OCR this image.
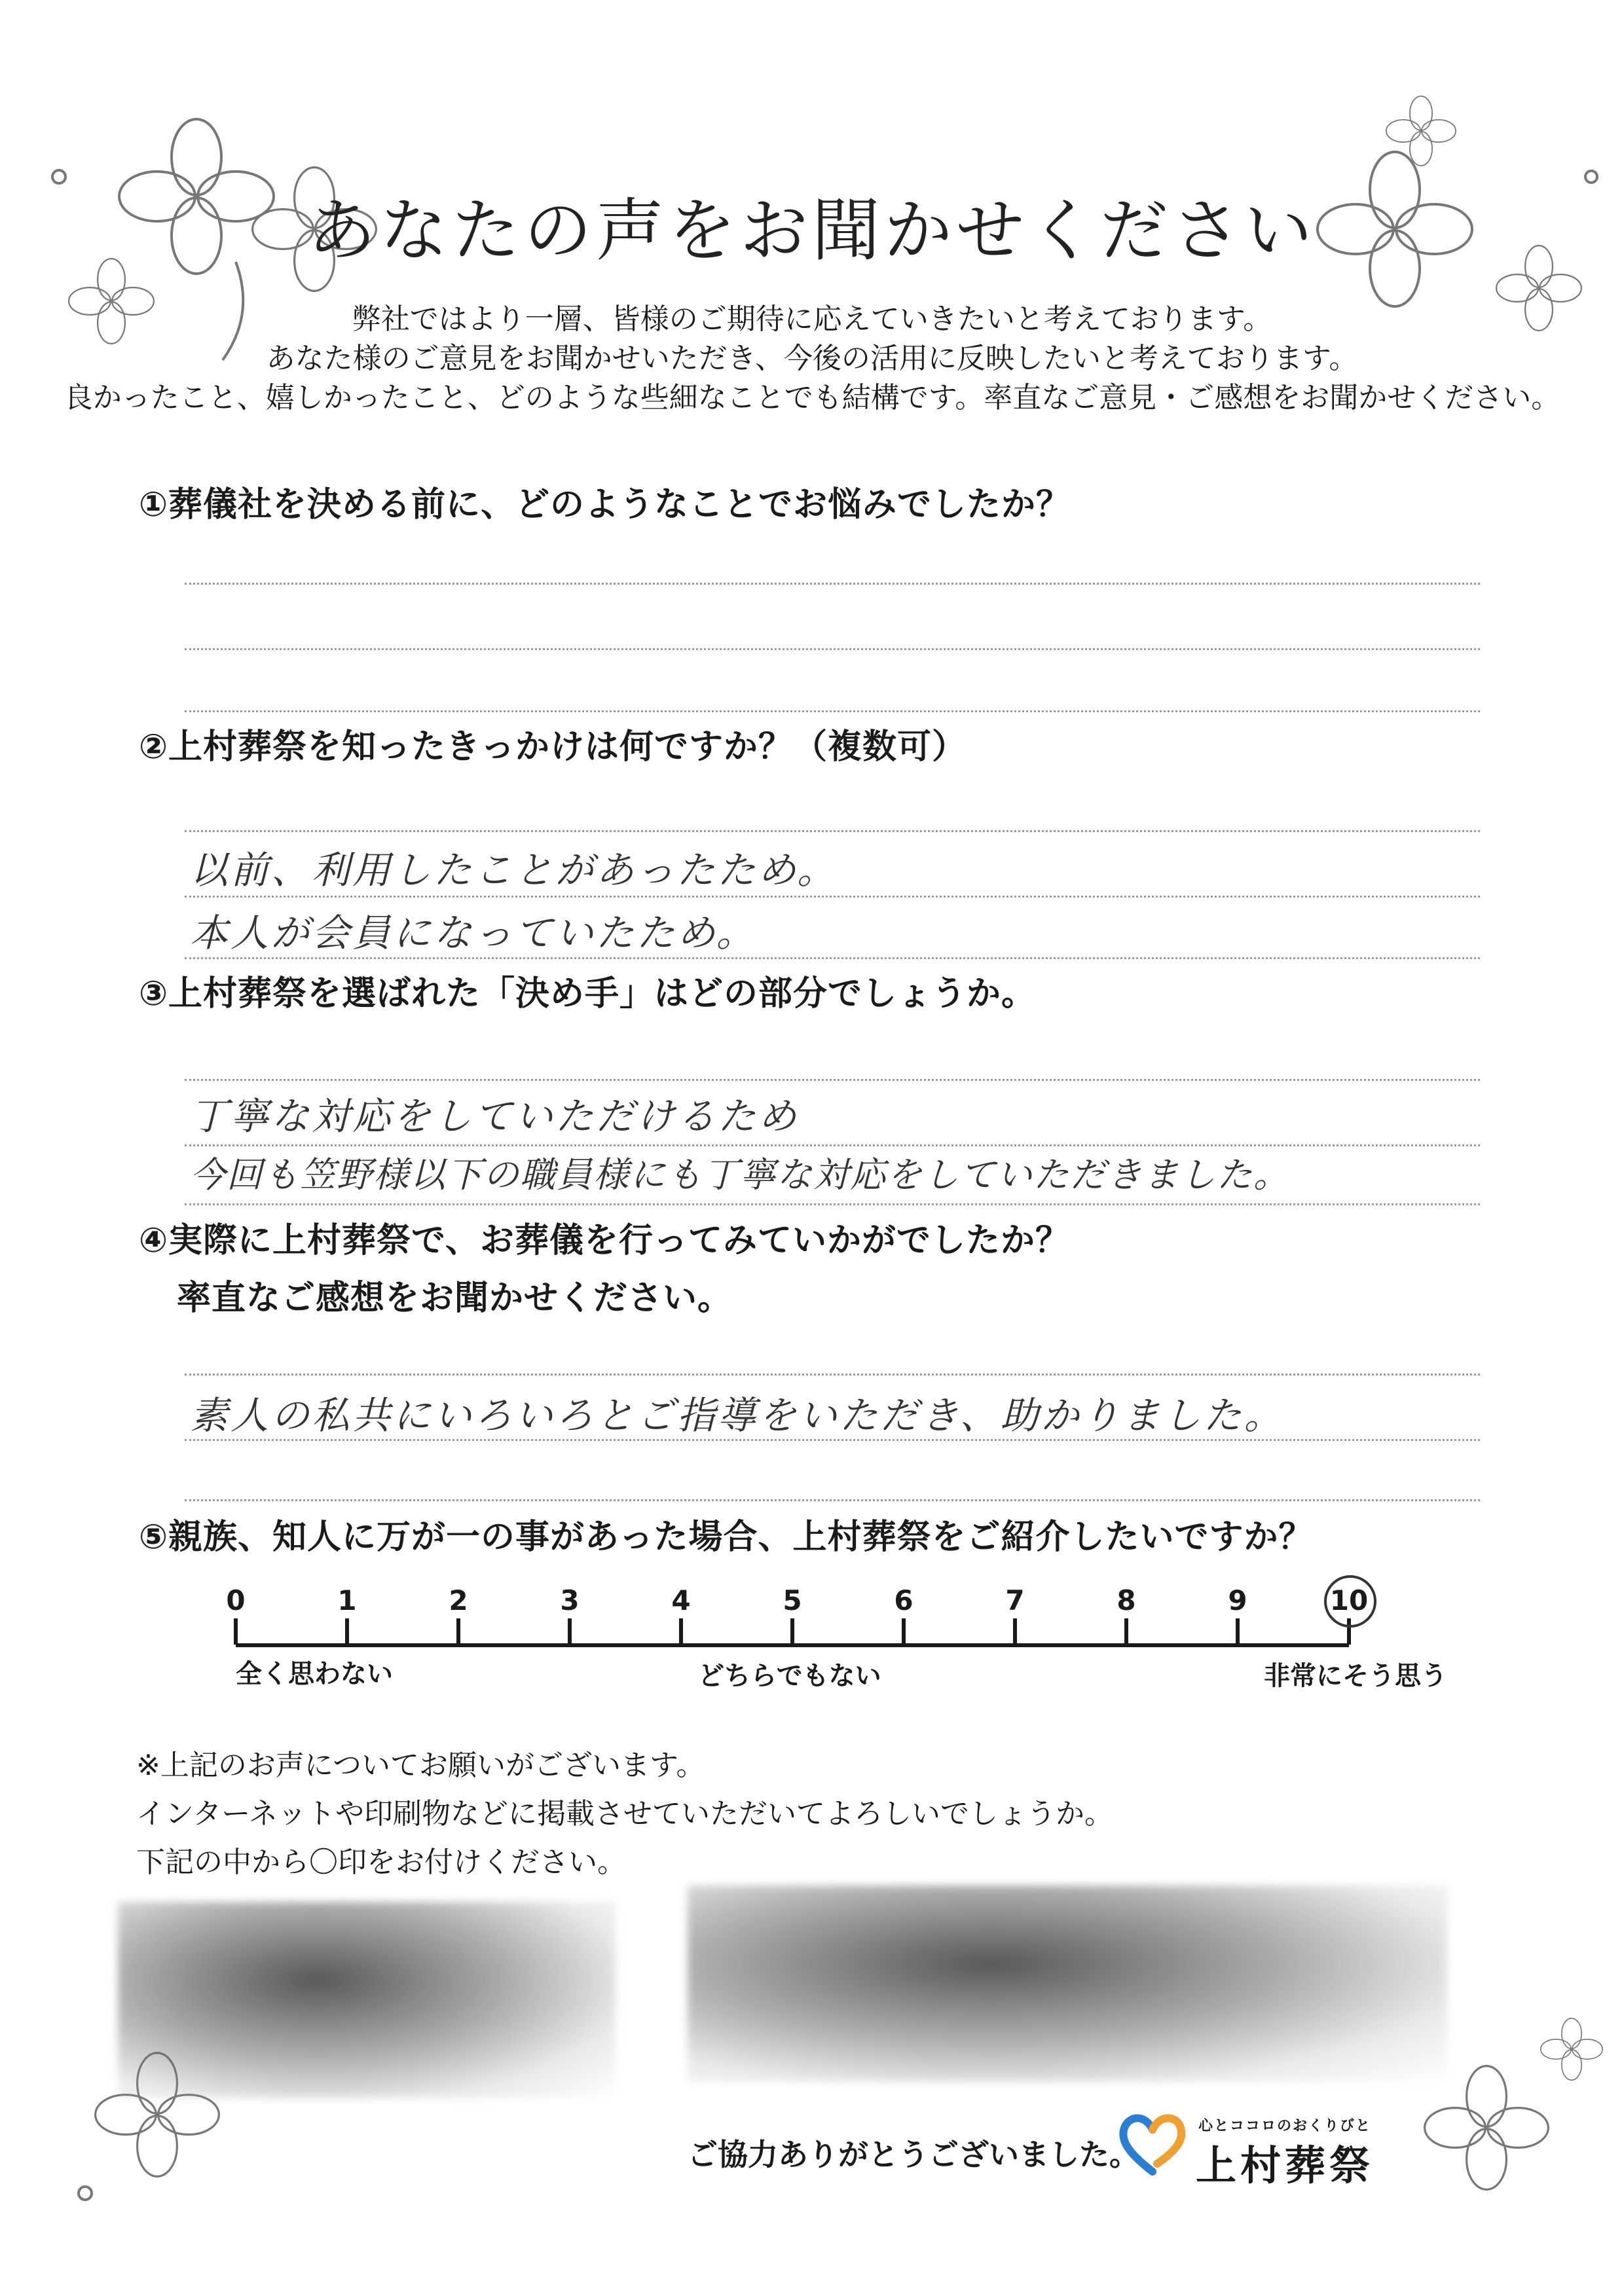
あなたの声をお聞かせください
弊社ではより一層、皆様のご期待に応えていきたいと考えております。
あなた様のご意見をお聞かせいただき、今後の活用に反映したいと考えております。
良かったこと、嬉しかったこと、どのような些細なことでも結構です。率直なご意見・ご感想をお聞かせください。
①葬儀社を決める前に、どのようなことでお悩みでしたか？
②上村葬祭を知ったきっかけは何ですか？（複数可）
以前、利用したことがあったため。
本人が会員になっていたため。
③上村葬祭を選ばれた「決め手」はどの部分でしょうか。
丁寧な対応をしていただけるため
今回も笠野様以下の職員様にも丁寧な対応をしていただきました。
④実際に上村葬祭で、お葬儀を行ってみていかがでしたか？
率直なご感想をお聞かせください。
素人の私共にいろいろとご指導をいただき、助かりました。
⑤親族、知人に万が一の事があった場合、上村葬祭をご紹介したいですか？
0	1	2	3	4	5	6	7	8	9	10
全く思わない	どちらでもない	非常にそう思う
※上記のお声についてお願いがございます。
インターネットや印刷物などに掲載させていただいてよろしいでしょうか。
下記の中から〇印をお付けください。
ご協力ありがとうございました。
心とココロのおくりびと
上村葬祭
